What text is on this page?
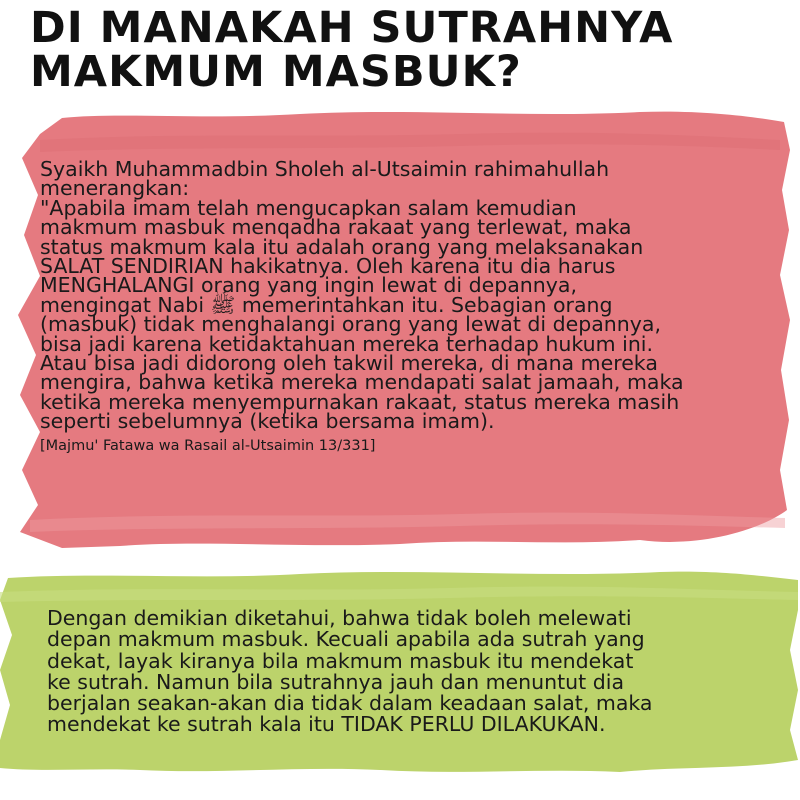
DI MANAKAH SUTRAHNYA
MAKMUM MASBUK?

Syaikh Muhammadbin Sholeh al-Utsaimin rahimahullah

menerangkan:

"Apabila imam telah mengucapkan salam kemudian

makmum masbuk menqadha rakaat yang terlewat, maka

status makmum kala itu adalah orang yang melaksanakan

SALAT SENDIRIAN hakikatnya. Oleh karena itu dia harus

MENGHALANGI orang yang ingin lewat di depannya,

mengingat Nabi ﷺ memerintahkan itu. Sebagian orang

(masbuk) tidak menghalangi orang yang lewat di depannya,

bisa jadi karena ketidaktahuan mereka terhadap hukum ini.

Atau bisa jadi didorong oleh takwil mereka, di mana mereka

mengira, bahwa ketika mereka mendapati salat jamaah, maka

ketika mereka menyempurnakan rakaat, status mereka masih

seperti sebelumnya (ketika bersama imam).

[Majmu' Fatawa wa Rasail al-Utsaimin 13/331]

Dengan demikian diketahui, bahwa tidak boleh melewati

depan makmum masbuk. Kecuali apabila ada sutrah yang

dekat, layak kiranya bila makmum masbuk itu mendekat

ke sutrah. Namun bila sutrahnya jauh dan menuntut dia

berjalan seakan-akan dia tidak dalam keadaan salat, maka

mendekat ke sutrah kala itu TIDAK PERLU DILAKUKAN.
